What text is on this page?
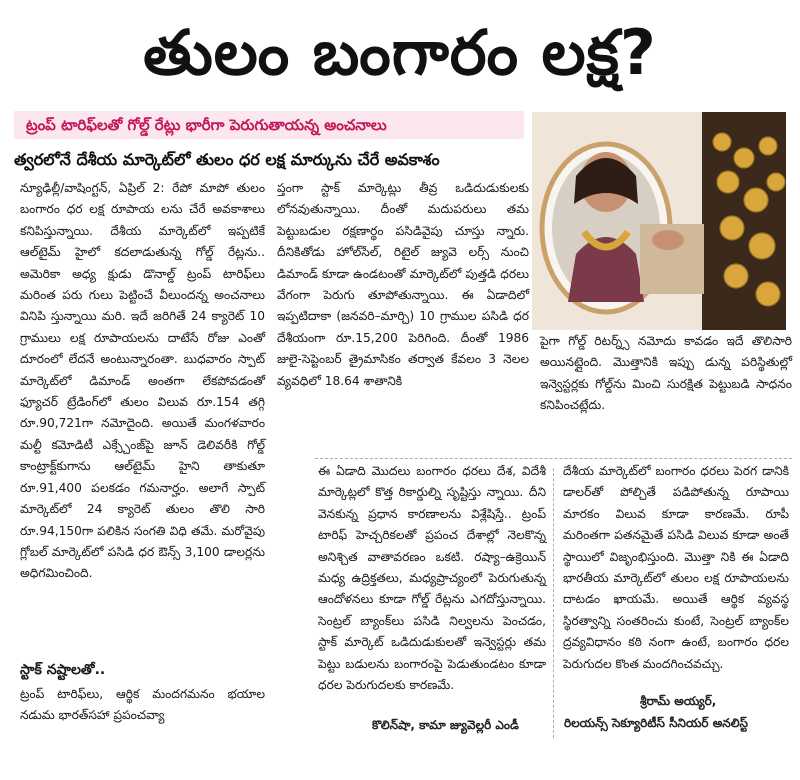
తులం బంగారం లక్ష?
ట్రంప్ టారిఫ్‌లతో గోల్డ్ రేట్లు భారీగా పెరుగుతాయన్న అంచనాలు
త్వరలోనే దేశీయ మార్కెట్‌లో తులం ధర లక్ష మార్కును చేరే అవకాశం
న్యూఢిల్లీ/వాషింగ్టన్, ఏప్రిల్ 2: రేపో మాపో తులం బంగారం ధర లక్ష రూపాయ లను చేరే అవకాశాలు కనిపిస్తున్నాయి. దేశీయ మార్కెట్‌లో ఇప్పటికే ఆల్‌టైమ్ హైలో కదలాడుతున్న గోల్డ్ రేట్లను.. అమెరికా అధ్య క్షుడు డొనాల్డ్ ట్రంప్ టారిఫ్‌లు మరింత పరు గులు పెట్టించే వీలుందన్న అంచనాలు వినిపి స్తున్నాయి మరి. ఇదే జరిగితే 24 క్యారెట్ 10 గ్రాములు లక్ష రూపాయలను దాటేసే రోజు ఎంతో దూరంలో లేదనే అంటున్నారంతా. బుధవారం స్పాట్ మార్కెట్‌లో డిమాండ్ అంతగా లేకపోవడంతో ఫ్యూచర్ ట్రేడింగ్‌లో తులం విలువ రూ.154 తగ్గి రూ.90,721గా నమోదైంది. అయితే మంగళవారం మల్టీ కమోడిటీ ఎక్స్చేంజ్‌పై జూన్ డెలివరీకి గోల్డ్ కాంట్రాక్ట్‌కుగాను ఆల్‌టైమ్ హైని తాకుతూ రూ.91,400 పలకడం గమనార్హం. అలాగే స్పాట్ మార్కెట్‌లో 24 క్యారెట్ తులం తొలి సారి రూ.94,150గా పలికిన సంగతి విధి తమే. మరోవైపు గ్లోబల్ మార్కెట్‌లో పసిడి ధర ఔన్స్ 3,100 డాలర్లను అధిగమించింది.
స్టాక్ నష్టాలతో..
ట్రంప్ టారిఫ్‌లు, ఆర్థిక మందగమనం భయాల నడుమ భారత్‌సహా ప్రపంచవ్యా
ప్తంగా స్టాక్ మార్కెట్లు తీవ్ర ఒడిదుడుకులకు లోనవుతున్నాయి. దీంతో మదుపరులు తమ పెట్టుబడుల రక్షణార్థం పసిడివైపు చూస్తు న్నారు. దీనికితోడు హోల్‌సేల్, రిటైల్ జ్యువె లర్స్ నుంచి డిమాండ్ కూడా ఉండటంతో మార్కెట్‌లో పుత్తడి ధరలు వేగంగా పెరుగు తూపోతున్నాయి. ఈ ఏడాదిలో ఇప్పటిదాకా (జనవరి–మార్చి) 10 గ్రాముల పసిడి ధర దేశీయంగా రూ.15,200 పెరిగింది. దీంతో 1986 జులై-సెప్టెంబర్ త్రైమాసికం తర్వాత కేవలం 3 నెలల వ్యవధిలో 18.64 శాతానికి
పైగా గోల్డ్ రిటర్న్స్ నమోదు కావడం ఇదే తొలిసారి అయినట్లైంది. మొత్తానికి ఇప్పు డున్న పరిస్థితుల్లో ఇన్వెస్టర్లకు గోల్డ్‌ను మించి సురక్షిత పెట్టుబడి సాధనం కనిపించట్లేదు.
ఈ ఏడాది మొదలు బంగారం ధరలు దేశ, విదేశీ మార్కెట్లలో కొత్త రికార్డుల్ని సృష్టిస్తు న్నాయి. దీని వెనకున్న ప్రధాన కారణాలను విశ్లేషిస్తే.. ట్రంప్ టారిఫ్ హెచ్చరికలతో ప్రపంచ దేశాల్లో నెలకొన్న అనిశ్చిత వాతావరణం ఒకటి. రష్యా–ఉక్రెయిన్ మధ్య ఉద్రిక్తతలు, మధ్యప్రాచ్యంలో పెరుగుతున్న ఆందోళనలు కూడా గోల్డ్ రేట్లను ఎగదోస్తున్నాయి. సెంట్రల్ బ్యాంక్‌లు పసిడి నిల్వలను పెంచడం, స్టాక్ మార్కెట్ ఒడిదుడుకులతో ఇన్వెస్టర్లు తమ పెట్టు బడులను బంగారంపై పెడుతుండటం కూడా ధరల పెరుగుదలకు కారణమే.
కొలిన్‌షా, కామా జ్యువెల్లరీ ఎండీ
దేశీయ మార్కెట్‌లో బంగారం ధరలు పెరగ డానికి డాలర్‌తో పోల్చితే పడిపోతున్న రూపాయి మారకం విలువ కూడా కారణమే. రూపీ మరింతగా పతనమైతే పసిడి విలువ కూడా అంతే స్థాయిలో విజృంభిస్తుంది. మొత్తా నికి ఈ ఏడాది భారతీయ మార్కెట్‌లో తులం లక్ష రూపాయలను దాటడం ఖాయమే. అయితే ఆర్థిక వ్యవస్థ స్థిరత్వాన్ని సంతరించు కుంటే, సెంట్రల్ బ్యాంక్‌ల ద్రవ్యవిధానం కఠి నంగా ఉంటే, బంగారం ధరల పెరుగుదల కొంత మందగించవచ్చు.
శ్రీరామ్ అయ్యర్,
రిలయన్స్ సెక్యూరిటీస్ సీనియర్ అనలిస్ట్
